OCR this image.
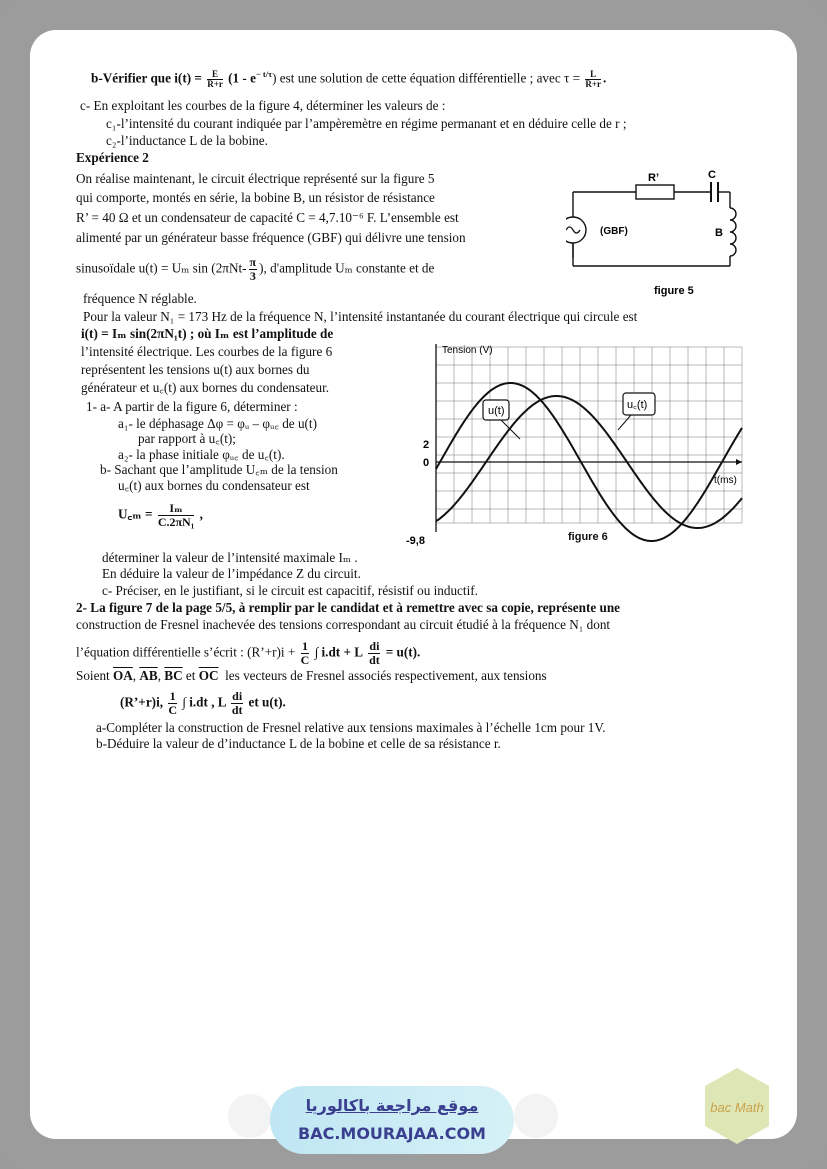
b-Vérifier que $i(t) = \frac{E}{R+r} (1 - e^{- t/\tau})$ est une solution de cette équation différentielle ; avec $\tau = \frac{L}{R+r}$ .
c- En exploitant les courbes de la figure 4, déterminer les valeurs de :
c₁-l’intensité du courant indiquée par l’ampèremètre en régime permanant et en déduire celle de r ;
c₂-l’inductance L de la bobine.
Expérience 2
On réalise maintenant, le circuit électrique représenté sur la figure 5
qui comporte, montés en série, la bobine B, un résistor de résistance
R’ = 40 Ω et un condensateur de capacité C = 4,7.10⁻⁶ F. L’ensemble est
alimenté par un générateur basse fréquence (GBF) qui délivre une tension
sinusoïdale u(t) = Uₘ $\sin (2\pi Nt- \frac{\pi}{3}$ ), d'amplitude Uₘ constante et de
R’	C
B
(GBF)
figure 5
fréquence N réglable.
Pour la valeur N₁ = 173 Hz de la fréquence N, l’intensité instantanée du courant électrique qui circule est
i(t) = Iₘ sin(2πN₁t) ; où Iₘ est l’amplitude de
l’intensité électrique. Les courbes de la figure 6
représentent les tensions u(t) aux bornes du
générateur et u꜀(t) aux bornes du condensateur.
1- a- A partir de la figure 6, déterminer :
a₁- le déphasage Δφ = φᵤ – φᵤ꜀ de u(t)
par rapport à u꜀(t);
a₂- la phase initiale φᵤ꜀ de u꜀(t).
b- Sachant que l’amplitude U꜀ₘ de la tension
u꜀(t) aux bornes du condensateur est
U꜀ₘ = $\frac{\text{Iₘ}}{\text{C.2πN₁}}$ ,
u(t)	u꜀(t)
Tension (V)
t(ms)
2
0
-9,8	figure 6
déterminer la valeur de l’intensité maximale Iₘ .
En déduire la valeur de l’impédance Z du circuit.
c- Préciser, en le justifiant, si le circuit est capacitif, résistif ou inductif.
2- La figure 7 de la page 5/5, à remplir par le candidat et à remettre avec sa copie, représente une
construction de Fresnel inachevée des tensions correspondant au circuit étudié à la fréquence N₁ dont
l’équation différentielle s’écrit : (R’+r)i + $\frac{1}{C}$ ∫ i.dt + L $\frac{di}{dt} = u(t)$.
Soient $\overline{OA}$, $\overline{AB}$, $\overline{BC}$ et $\overline{OC}$ les vecteurs de Fresnel associés respectivement, aux tensions
(R’+r)i, $\frac{1}{C}$ ∫ i.dt , L $\frac{di}{dt}$ et u(t).
a-Compléter la construction de Fresnel relative aux tensions maximales à l’échelle 1cm pour 1V.
b-Déduire la valeur de d’inductance L de la bobine et celle de sa résistance r.
موقع مراجعة باكالوريا
BAC.MOURAJAA.COM
bac Math
